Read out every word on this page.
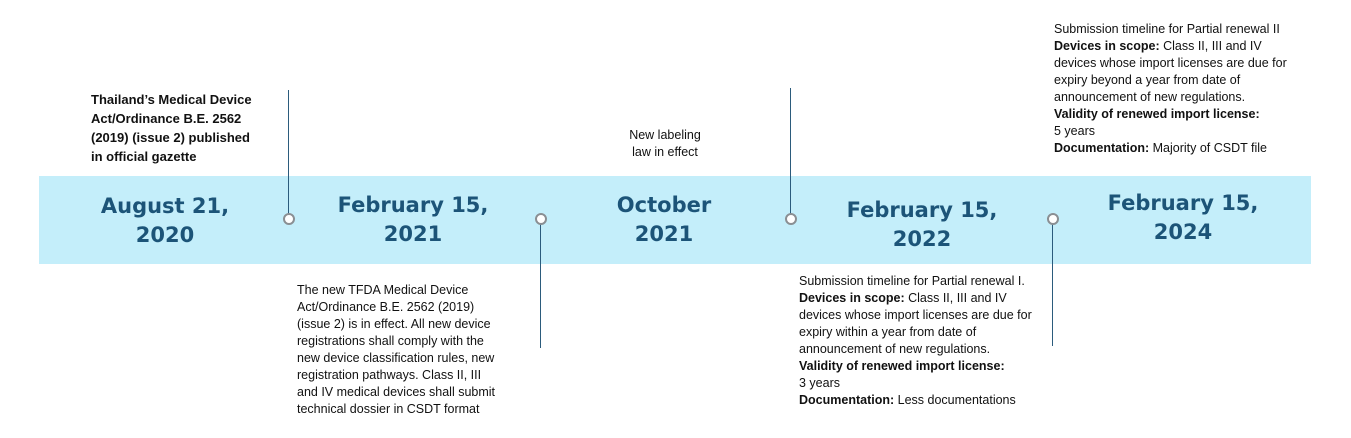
August 21,
2020
February 15,
2021
October
2021
February 15,
2022
February 15,
2024
Thailand’s Medical Device
Act/Ordinance B.E. 2562
(2019) (issue 2) published
in official gazette
The new TFDA Medical Device
Act/Ordinance B.E. 2562 (2019)
(issue 2) is in effect. All new device
registrations shall comply with the
new device classification rules, new
registration pathways. Class II, III
and IV medical devices shall submit
technical dossier in CSDT format
New labeling
law in effect
Submission timeline for Partial renewal I.
Devices in scope: Class II, III and IV
devices whose import licenses are due for
expiry within a year from date of
announcement of new regulations.
Validity of renewed import license:
3 years
Documentation: Less documentations
Submission timeline for Partial renewal II
Devices in scope: Class II, III and IV
devices whose import licenses are due for
expiry beyond a year from date of
announcement of new regulations.
Validity of renewed import license:
5 years
Documentation: Majority of CSDT file
